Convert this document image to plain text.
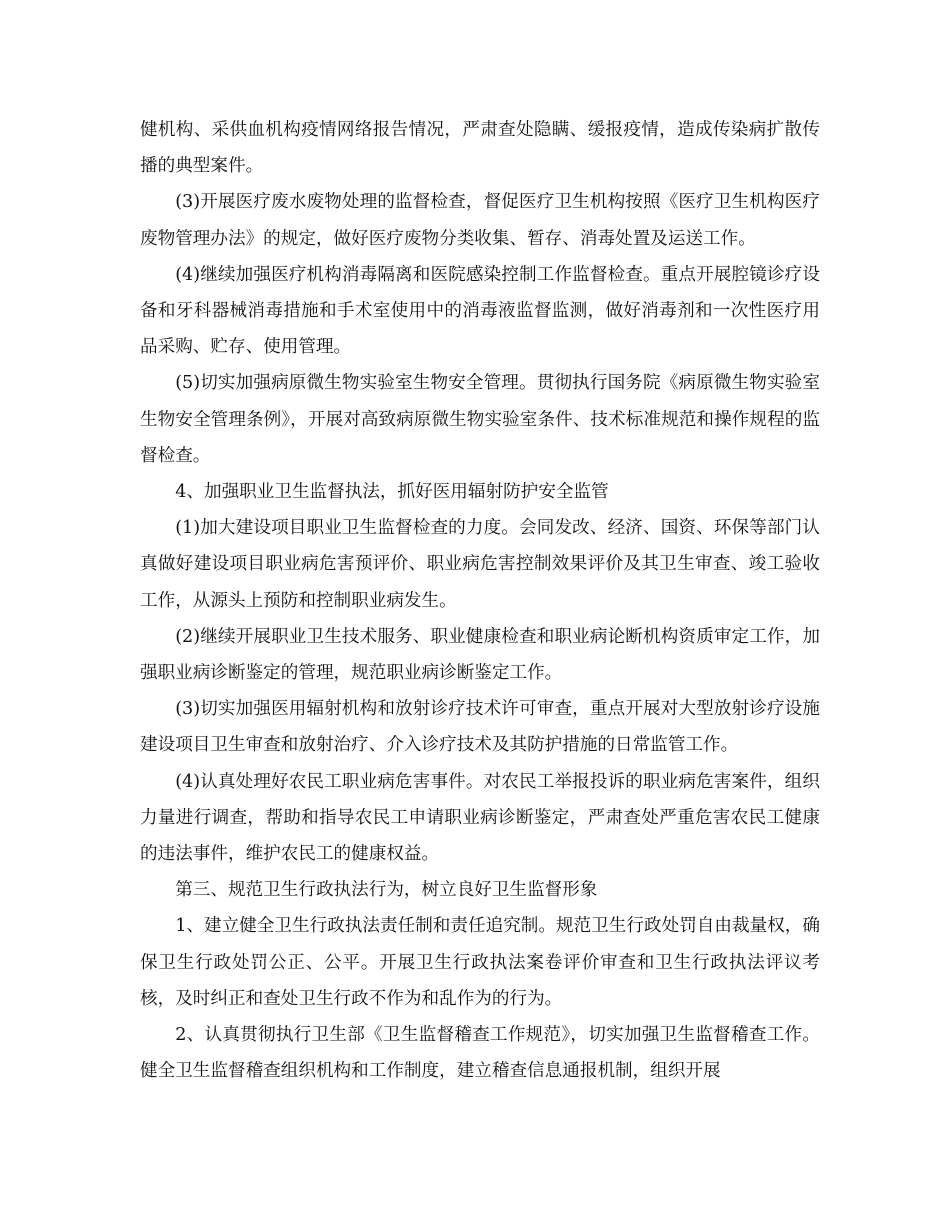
健机构、采供血机构疫情网络报告情况，严肃查处隐瞒、缓报疫情，造成传染病扩散传播的典型案件。

(3)开展医疗废水废物处理的监督检查，督促医疗卫生机构按照《医疗卫生机构医疗废物管理办法》的规定，做好医疗废物分类收集、暂存、消毒处置及运送工作。

(4)继续加强医疗机构消毒隔离和医院感染控制工作监督检查。重点开展腔镜诊疗设备和牙科器械消毒措施和手术室使用中的消毒液监督监测，做好消毒剂和一次性医疗用品采购、贮存、使用管理。

(5)切实加强病原微生物实验室生物安全管理。贯彻执行国务院《病原微生物实验室生物安全管理条例》，开展对高致病原微生物实验室条件、技术标准规范和操作规程的监督检查。

4、加强职业卫生监督执法，抓好医用辐射防护安全监管

(1)加大建设项目职业卫生监督检查的力度。会同发改、经济、国资、环保等部门认真做好建设项目职业病危害预评价、职业病危害控制效果评价及其卫生审查、竣工验收工作，从源头上预防和控制职业病发生。

(2)继续开展职业卫生技术服务、职业健康检查和职业病论断机构资质审定工作，加强职业病诊断鉴定的管理，规范职业病诊断鉴定工作。

(3)切实加强医用辐射机构和放射诊疗技术许可审查，重点开展对大型放射诊疗设施建设项目卫生审查和放射治疗、介入诊疗技术及其防护措施的日常监管工作。

(4)认真处理好农民工职业病危害事件。对农民工举报投诉的职业病危害案件，组织力量进行调查，帮助和指导农民工申请职业病诊断鉴定，严肃查处严重危害农民工健康的违法事件，维护农民工的健康权益。

第三、规范卫生行政执法行为，树立良好卫生监督形象

1、建立健全卫生行政执法责任制和责任追究制。规范卫生行政处罚自由裁量权，确保卫生行政处罚公正、公平。开展卫生行政执法案卷评价审查和卫生行政执法评议考核，及时纠正和查处卫生行政不作为和乱作为的行为。

2、认真贯彻执行卫生部《卫生监督稽查工作规范》，切实加强卫生监督稽查工作。健全卫生监督稽查组织机构和工作制度，建立稽查信息通报机制，组织开展
